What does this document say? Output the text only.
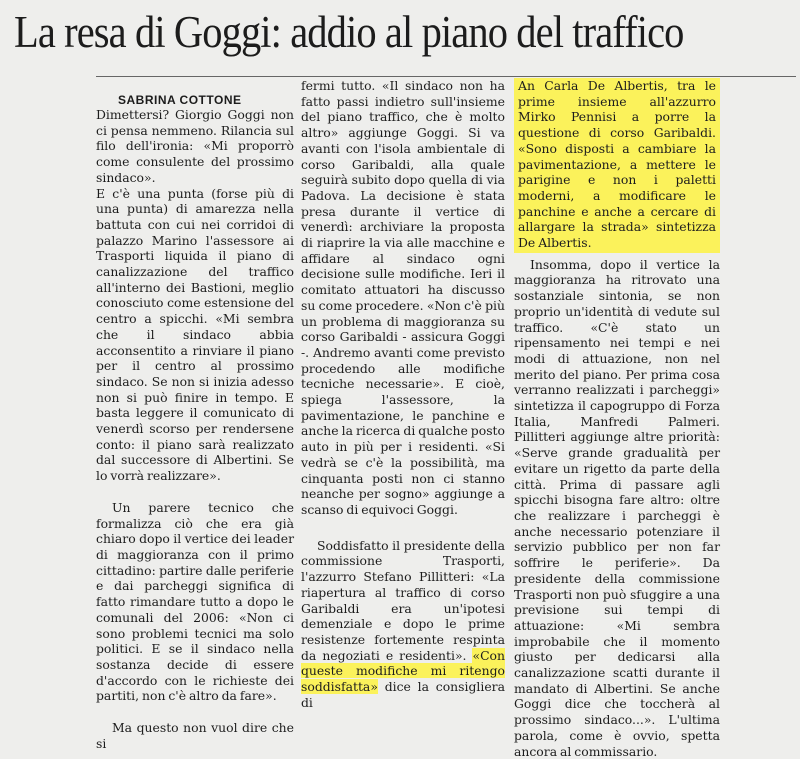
La resa di Goggi: addio al piano del traffico
SABRINA COTTONE

Dimettersi? Giorgio Goggi non ci pensa nemmeno. Rilancia sul filo dell'ironia: «Mi proporrò come consulente del prossimo sindaco».

E c'è una punta (forse più di una punta) di amarezza nella battuta con cui nei corridoi di palazzo Marino l'assessore ai Trasporti liquida il piano di canalizzazione del traffico all'interno dei Bastioni, meglio conosciuto come estensione del centro a spicchi. «Mi sembra che il sindaco abbia acconsentito a rinviare il piano per il centro al prossimo sindaco. Se non si inizia adesso non si può finire in tempo. E basta leggere il comunicato di venerdì scorso per rendersene conto: il piano sarà realizzato dal successore di Albertini. Se lo vorrà realizzare».

Un parere tecnico che formalizza ciò che era già chiaro dopo il vertice dei leader di maggioranza con il primo cittadino: partire dalle periferie e dai parcheggi significa di fatto rimandare tutto a dopo le comunali del 2006: «Non ci sono problemi tecnici ma solo politici. E se il sindaco nella sostanza decide di essere d'accordo con le richieste dei partiti, non c'è altro da fare».

Ma questo non vuol dire che si

fermi tutto. «Il sindaco non ha fatto passi indietro sull'insieme del piano traffico, che è molto altro» aggiunge Goggi. Si va avanti con l'isola ambientale di corso Garibaldi, alla quale seguirà subito dopo quella di via Padova. La decisione è stata presa durante il vertice di venerdì: archiviare la proposta di riaprire la via alle macchine e affidare al sindaco ogni decisione sulle modifiche. Ieri il comitato attuatori ha discusso su come procedere. «Non c'è più un problema di maggioranza su corso Garibaldi - assicura Goggi -. Andremo avanti come previsto procedendo alle modifiche tecniche necessarie». E cioè, spiega l'assessore, la pavimentazione, le panchine e anche la ricerca di qualche posto auto in più per i residenti. «Si vedrà se c'è la possibilità, ma cinquanta posti non ci stanno neanche per sogno» aggiunge a scanso di equivoci Goggi.

Soddisfatto il presidente della commissione Trasporti, l'azzurro Stefano Pillitteri: «La riapertura al traffico di corso Garibaldi era un'ipotesi demenziale e dopo le prime resistenze fortemente respinta da negoziati e residenti». «Con queste modifiche mi ritengo soddisfatta» dice la consigliera di

An Carla De Albertis, tra le prime insieme all'azzurro Mirko Pennisi a porre la questione di corso Garibaldi. «Sono disposti a cambiare la pavimentazione, a mettere le parigine e non i paletti moderni, a modificare le panchine e anche a cercare di allargare la strada» sintetizza De Albertis.

Insomma, dopo il vertice la maggioranza ha ritrovato una sostanziale sintonia, se non proprio un'identità di vedute sul traffico. «C'è stato un ripensamento nei tempi e nei modi di attuazione, non nel merito del piano. Per prima cosa verranno realizzati i parcheggi» sintetizza il capogruppo di Forza Italia, Manfredi Palmeri. Pillitteri aggiunge altre priorità: «Serve grande gradualità per evitare un rigetto da parte della città. Prima di passare agli spicchi bisogna fare altro: oltre che realizzare i parcheggi è anche necessario potenziare il servizio pubblico per non far soffrire le periferie». Da presidente della commissione Trasporti non può sfuggire a una previsione sui tempi di attuazione: «Mi sembra improbabile che il momento giusto per dedicarsi alla canalizzazione scatti durante il mandato di Albertini. Se anche Goggi dice che toccherà al prossimo sindaco...». L'ultima parola, come è ovvio, spetta ancora al commissario.
